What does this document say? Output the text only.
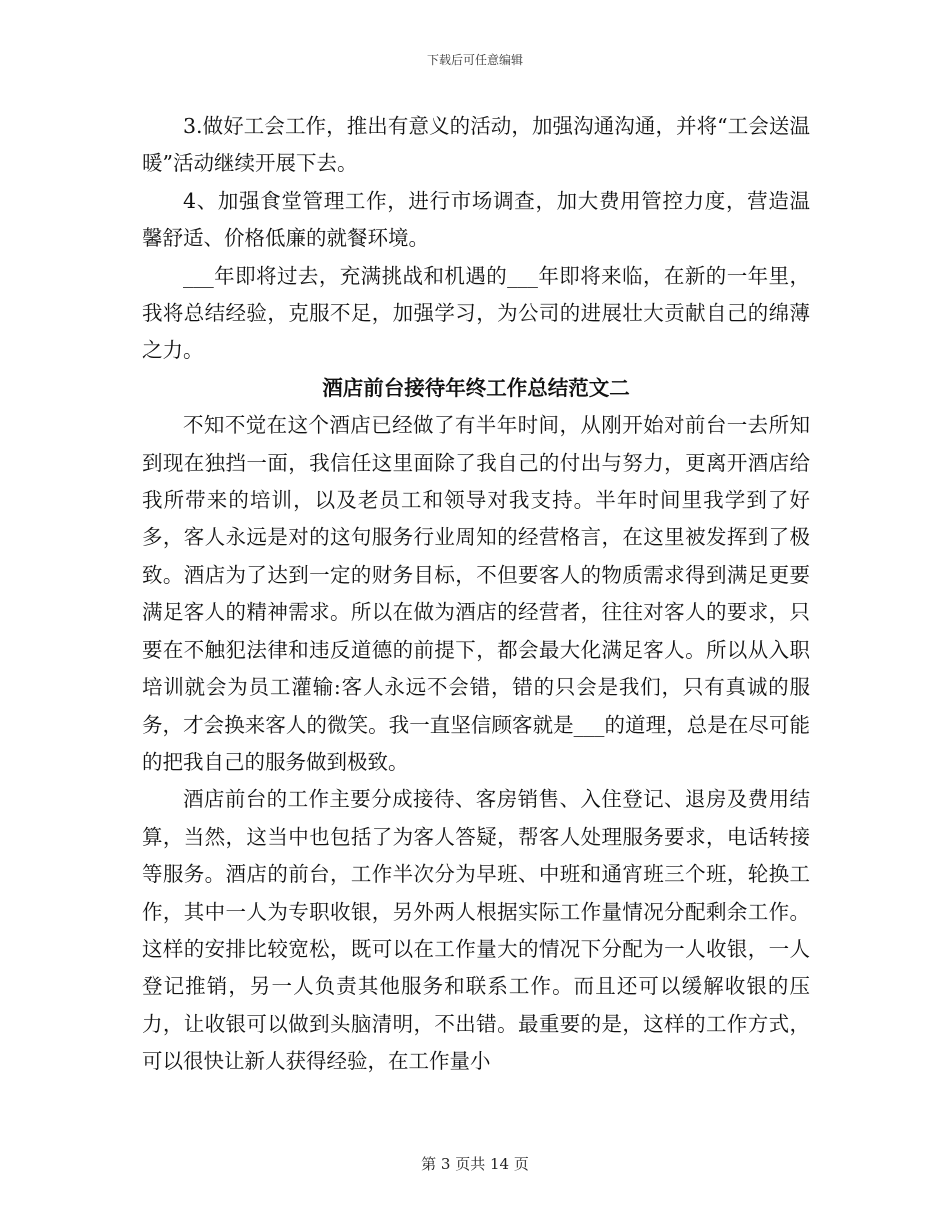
下载后可任意编辑

3.做好工会工作，推出有意义的活动，加强沟通沟通，并将“工会送温暖”活动继续开展下去。

4、加强食堂管理工作，进行市场调查，加大费用管控力度，营造温馨舒适、价格低廉的就餐环境。

___年即将过去，充满挑战和机遇的___年即将来临，在新的一年里，我将总结经验，克服不足，加强学习，为公司的进展壮大贡献自己的绵薄之力。

酒店前台接待年终工作总结范文二

不知不觉在这个酒店已经做了有半年时间，从刚开始对前台一去所知到现在独挡一面，我信任这里面除了我自己的付出与努力，更离开酒店给我所带来的培训，以及老员工和领导对我支持。半年时间里我学到了好多，客人永远是对的这句服务行业周知的经营格言，在这里被发挥到了极致。酒店为了达到一定的财务目标，不但要客人的物质需求得到满足更要满足客人的精神需求。所以在做为酒店的经营者，往往对客人的要求，只要在不触犯法律和违反道德的前提下，都会最大化满足客人。所以从入职培训就会为员工灌输:客人永远不会错，错的只会是我们，只有真诚的服务，才会换来客人的微笑。我一直坚信顾客就是___的道理，总是在尽可能的把我自己的服务做到极致。

酒店前台的工作主要分成接待、客房销售、入住登记、退房及费用结算，当然，这当中也包括了为客人答疑，帮客人处理服务要求，电话转接等服务。酒店的前台，工作半次分为早班、中班和通宵班三个班，轮换工作，其中一人为专职收银，另外两人根据实际工作量情况分配剩余工作。这样的安排比较宽松，既可以在工作量大的情况下分配为一人收银，一人登记推销，另一人负责其他服务和联系工作。而且还可以缓解收银的压力，让收银可以做到头脑清明，不出错。最重要的是，这样的工作方式，可以很快让新人获得经验，在工作量小

第 3 页共 14 页
